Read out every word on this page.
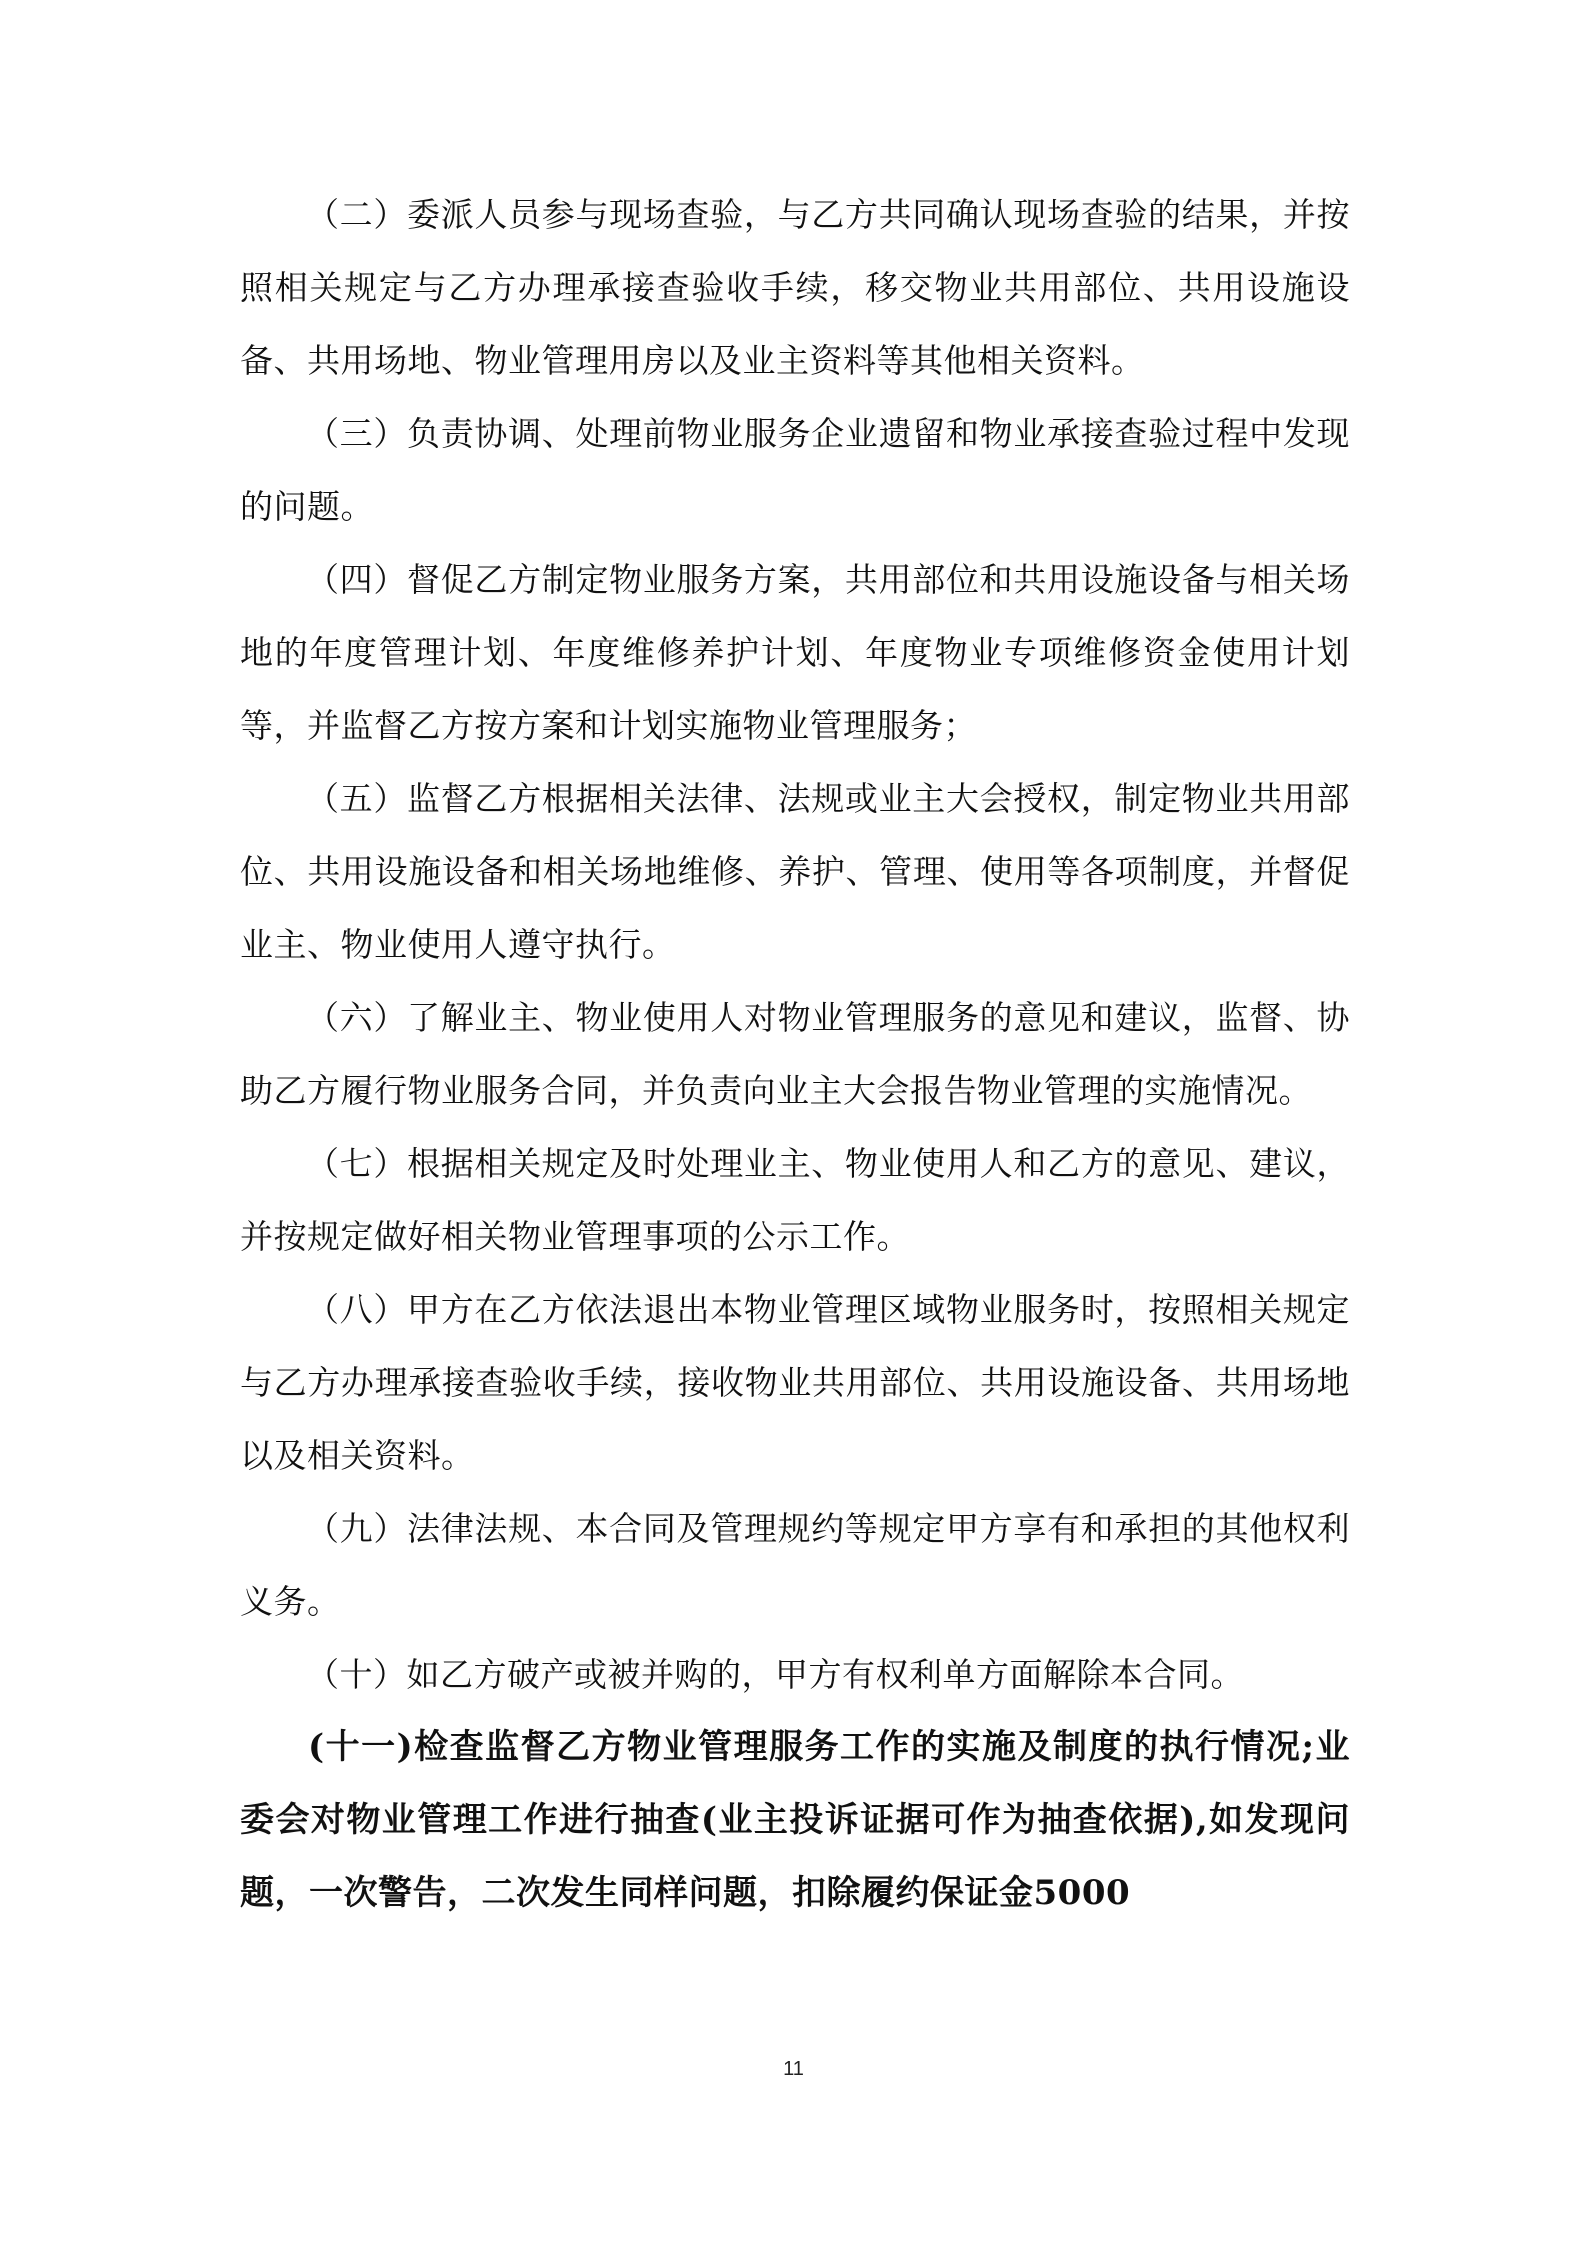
（二）委派人员参与现场查验，与乙方共同确认现场查验的结果，并按照相关规定与乙方办理承接查验收手续，移交物业共用部位、共用设施设备、共用场地、物业管理用房以及业主资料等其他相关资料。

（三）负责协调、处理前物业服务企业遗留和物业承接查验过程中发现的问题。

（四）督促乙方制定物业服务方案，共用部位和共用设施设备与相关场地的年度管理计划、年度维修养护计划、年度物业专项维修资金使用计划等，并监督乙方按方案和计划实施物业管理服务；

（五）监督乙方根据相关法律、法规或业主大会授权，制定物业共用部位、共用设施设备和相关场地维修、养护、管理、使用等各项制度，并督促业主、物业使用人遵守执行。

（六）了解业主、物业使用人对物业管理服务的意见和建议，监督、协助乙方履行物业服务合同，并负责向业主大会报告物业管理的实施情况。

（七）根据相关规定及时处理业主、物业使用人和乙方的意见、建议，并按规定做好相关物业管理事项的公示工作。

（八）甲方在乙方依法退出本物业管理区域物业服务时，按照相关规定与乙方办理承接查验收手续，接收物业共用部位、共用设施设备、共用场地以及相关资料。

（九）法律法规、本合同及管理规约等规定甲方享有和承担的其他权利义务。

（十）如乙方破产或被并购的，甲方有权利单方面解除本合同。

(十一)检查监督乙方物业管理服务工作的实施及制度的执行情况;业委会对物业管理工作进行抽查(业主投诉证据可作为抽查依据),如发现问题，一次警告，二次发生同样问题，扣除履约保证金5000

11
